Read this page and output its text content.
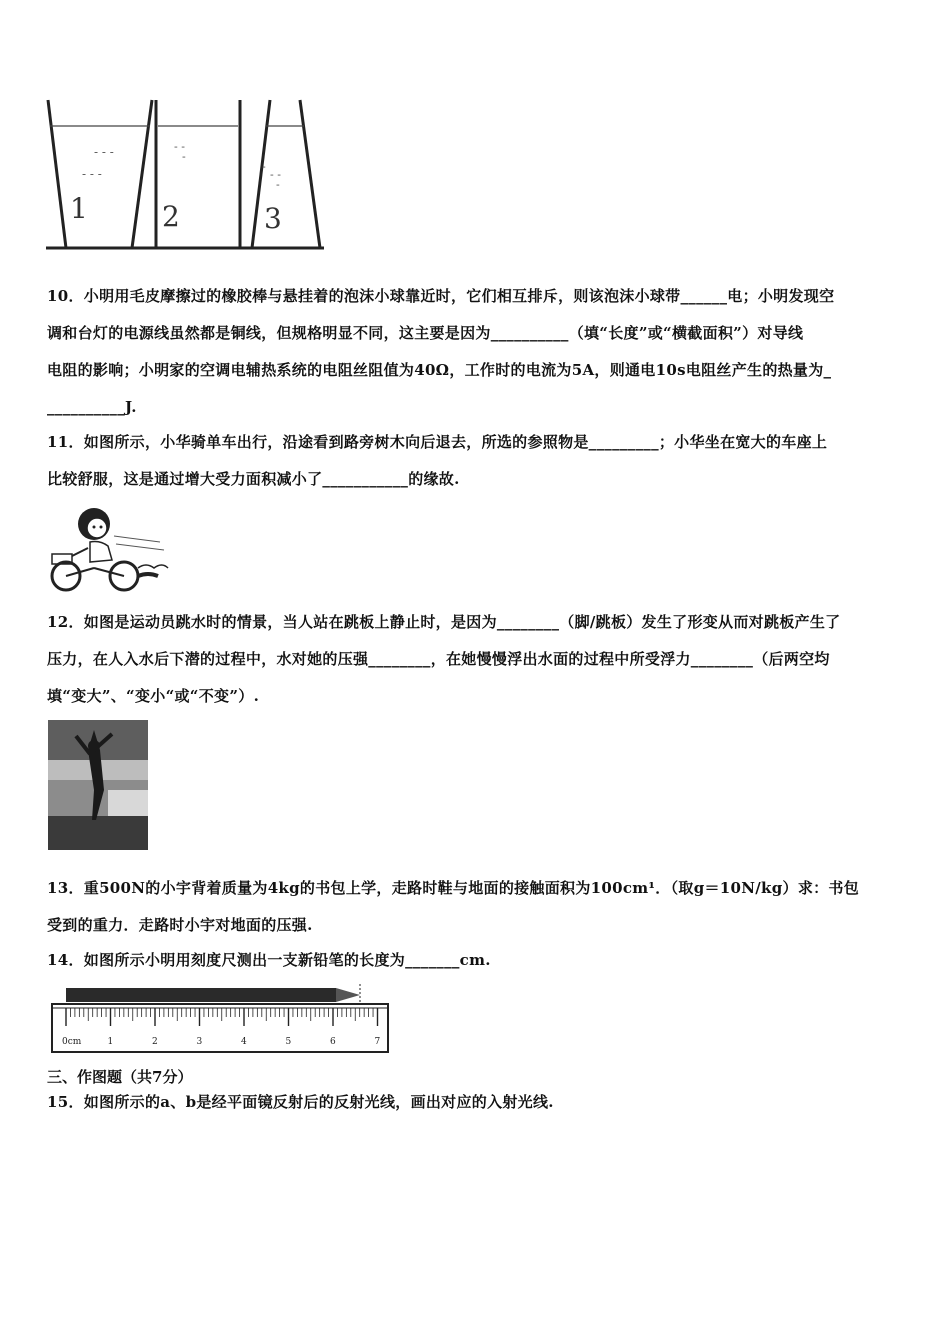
- - -
- - -
- -
-
-
- -
-
1	2	3
10．小明用毛皮摩擦过的橡胶棒与悬挂着的泡沫小球靠近时，它们相互排斥，则该泡沫小球带______电；小明发现空
调和台灯的电源线虽然都是铜线，但规格明显不同，这主要是因为__________（填“长度”或“横截面积”）对导线
电阻的影响；小明家的空调电辅热系统的电阻丝阻值为40Ω，工作时的电流为5A，则通电10s电阻丝产生的热量为_
__________J.
11．如图所示，小华骑单车出行，沿途看到路旁树木向后退去，所选的参照物是_________；小华坐在宽大的车座上
比较舒服，这是通过增大受力面积减小了___________的缘故.
12．如图是运动员跳水时的情景，当人站在跳板上静止时，是因为________（脚/跳板）发生了形变从而对跳板产生了
压力，在人入水后下潜的过程中，水对她的压强________，在她慢慢浮出水面的过程中所受浮力________（后两空均
填“变大”、“变小“或“不变”）.
13．重500N的小宇背着质量为4kg的书包上学，走路时鞋与地面的接触面积为100cm¹．（取g＝10N/kg）求：书包
受到的重力．走路时小宇对地面的压强.
14．如图所示小明用刻度尺测出一支新铅笔的长度为_______cm.
1	2	3	4	5	6	7
0cm
三、作图题（共7分）
15．如图所示的a、b是经平面镜反射后的反射光线，画出对应的入射光线.
